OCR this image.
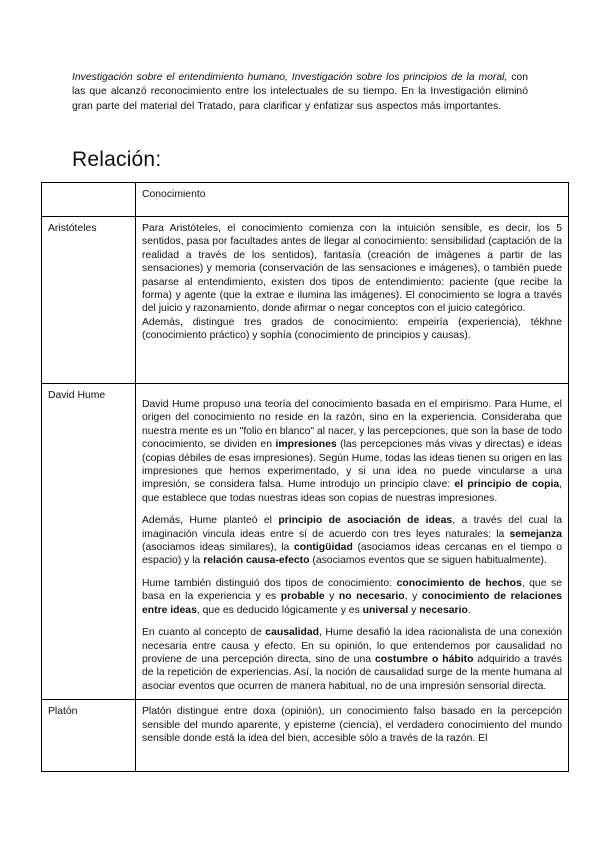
Investigación sobre el entendimiento humano, Investigación sobre los principios de la moral, con las que alcanzó reconocimiento entre los intelectuales de su tiempo. En la Investigación eliminó gran parte del material del Tratado, para clarificar y enfatizar sus aspectos más importantes.
Relación:
	Conocimiento
Aristóteles	Para Aristóteles, el conocimiento comienza con la intuición sensible, es decir, los 5 sentidos, pasa por facultades antes de llegar al conocimiento: sensibilidad (captación de la realidad a través de los sentidos), fantasía (creación de imágenes a partir de las sensaciones) y memoria (conservación de las sensaciones e imágenes), o también puede pasarse al entendimiento, existen dos tipos de entendimiento: paciente (que recibe la forma) y agente (que la extrae e ilumina las imágenes). El conocimiento se logra a través del juicio y razonamiento, donde afirmar o negar conceptos con el juicio categórico.

Además, distingue tres grados de conocimiento: empeiría (experiencia), tékhne (conocimiento práctico) y sophía (conocimiento de principios y causas).

David Hume	David Hume propuso una teoría del conocimiento basada en el empirismo. Para Hume, el origen del conocimiento no reside en la razón, sino en la experiencia. Consideraba que nuestra mente es un "folio en blanco" al nacer, y las percepciones, que son la base de todo conocimiento, se dividen en impresiones (las percepciones más vivas y directas) e ideas (copias débiles de esas impresiones). Según Hume, todas las ideas tienen su origen en las impresiones que hemos experimentado, y si una idea no puede vincularse a una impresión, se considera falsa. Hume introdujo un principio clave: el principio de copia, que establece que todas nuestras ideas son copias de nuestras impresiones.

Además, Hume planteó el principio de asociación de ideas, a través del cual la imaginación vincula ideas entre sí de acuerdo con tres leyes naturales: la semejanza (asociamos ideas similares), la contigüidad (asociamos ideas cercanas en el tiempo o espacio) y la relación causa-efecto (asociamos eventos que se siguen habitualmente).

Hume también distinguió dos tipos de conocimiento: conocimiento de hechos, que se basa en la experiencia y es probable y no necesario, y conocimiento de relaciones entre ideas, que es deducido lógicamente y es universal y necesario.

En cuanto al concepto de causalidad, Hume desafió la idea racionalista de una conexión necesaria entre causa y efecto. En su opinión, lo que entendemos por causalidad no proviene de una percepción directa, sino de una costumbre o hábito adquirido a través de la repetición de experiencias. Así, la noción de causalidad surge de la mente humana al asociar eventos que ocurren de manera habitual, no de una impresión sensorial directa.

Platón	Platón distingue entre doxa (opinión), un conocimiento falso basado en la percepción sensible del mundo aparente, y episteme (ciencia), el verdadero conocimiento del mundo sensible donde está la idea del bien, accesible sólo a través de la razón. El
